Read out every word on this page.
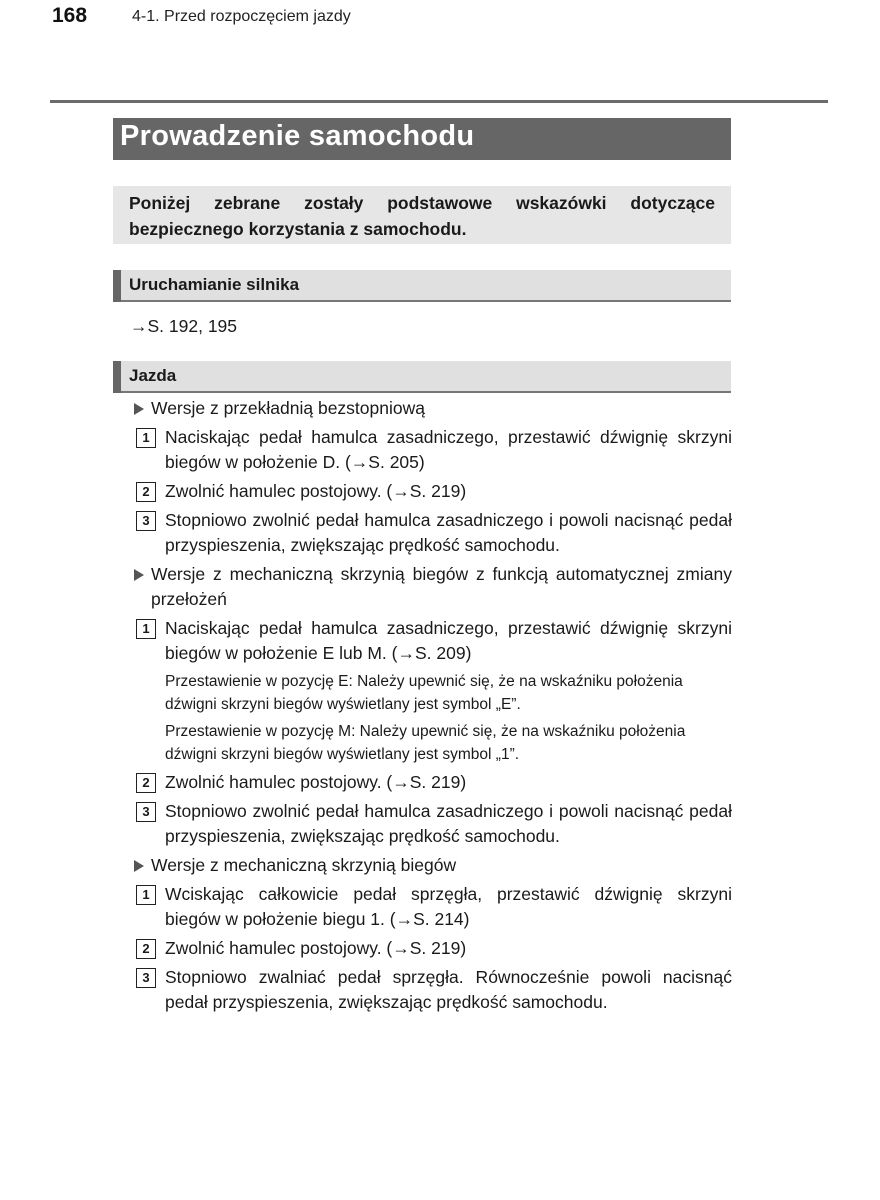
168	4-1. Przed rozpoczęciem jazdy
Prowadzenie samochodu

Poniżej zebrane zostały podstawowe wskazówki dotyczące bezpiecznego korzystania z samochodu.

Uruchamianie silnika
→S. 192, 195
Jazda
Wersje z przekładnią bezstopniową
1 Naciskając pedał hamulca zasadniczego, przestawić dźwignię skrzyni biegów w położenie D. (→S. 205)
2 Zwolnić hamulec postojowy. (→S. 219)
3 Stopniowo zwolnić pedał hamulca zasadniczego i powoli nacisnąć pedał przyspieszenia, zwiększając prędkość samochodu.
Wersje z mechaniczną skrzynią biegów z funkcją automatycznej zmiany przełożeń
1 Naciskając pedał hamulca zasadniczego, przestawić dźwignię skrzyni biegów w położenie E lub M. (→S. 209)
Przestawienie w pozycję E: Należy upewnić się, że na wskaźniku położenia dźwigni skrzyni biegów wyświetlany jest symbol „E”.
Przestawienie w pozycję M: Należy upewnić się, że na wskaźniku położenia dźwigni skrzyni biegów wyświetlany jest symbol „1”.
2 Zwolnić hamulec postojowy. (→S. 219)
3 Stopniowo zwolnić pedał hamulca zasadniczego i powoli nacisnąć pedał przyspieszenia, zwiększając prędkość samochodu.
Wersje z mechaniczną skrzynią biegów
1 Wciskając całkowicie pedał sprzęgła, przestawić dźwignię skrzyni biegów w położenie biegu 1. (→S. 214)
2 Zwolnić hamulec postojowy. (→S. 219)
3 Stopniowo zwalniać pedał sprzęgła. Równocześnie powoli nacisnąć pedał przyspieszenia, zwiększając prędkość samochodu.
